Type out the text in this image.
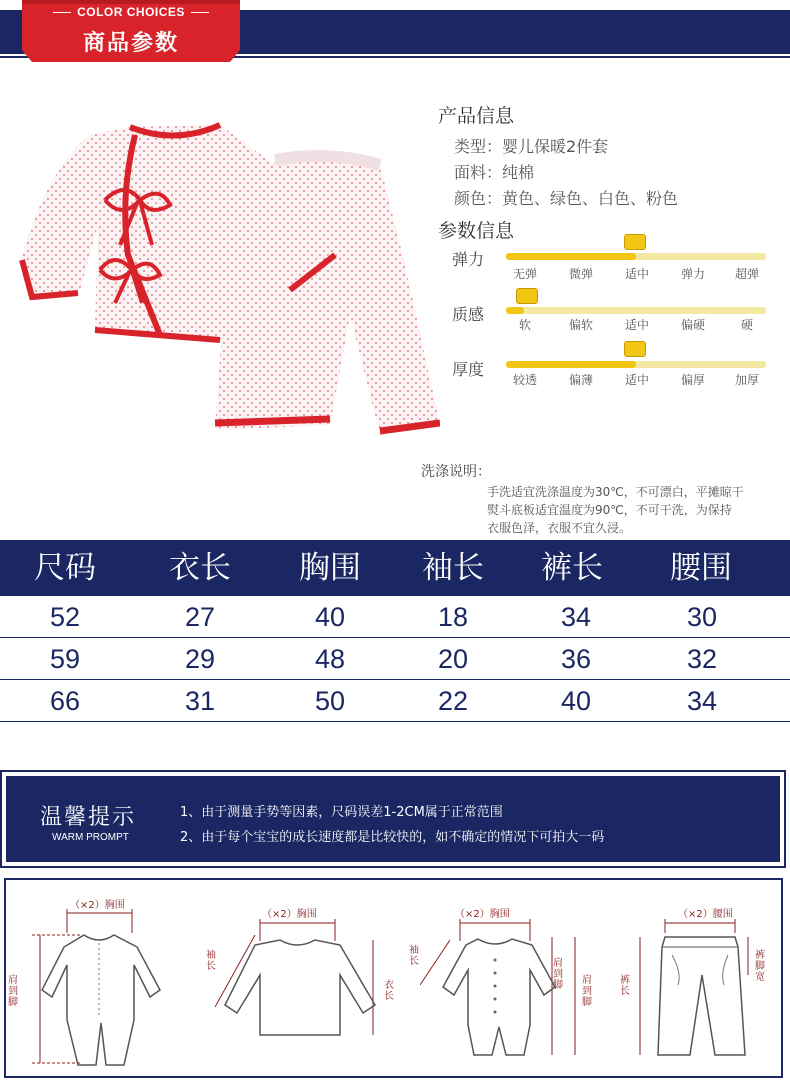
COLOR CHOICES
商品参数
产品信息
类型：婴儿保暖2件套
面料：纯棉
颜色：黄色、绿色、白色、粉色
参数信息
弹力
无弹	微弹	适中	弹力	超弹
质感
软	偏软	适中	偏硬	硬
厚度
较透	偏薄	适中	偏厚	加厚
洗涤说明：
手洗适宜洗涤温度为30℃，不可漂白，平摊晾干
熨斗底板适宜温度为90℃，不可干洗，为保持
衣服色泽，衣服不宜久浸。
尺码	衣长	胸围	袖长	裤长	腰围
52	27	40	18	34	30
59	29	48	20	36	32
66	31	50	22	40	34
温馨提示
WARM PROMPT
1、由于测量手势等因素，尺码误差1-2CM属于正常范围
2、由于每个宝宝的成长速度都是比较快的，如不确定的情况下可拍大一码
（×2）胸围
肩到脚
（×2）胸围
袖长
衣长
（×2）胸围
袖长	肩到脚 肩到脚
（×2）腰围
裤长
裤脚宽
